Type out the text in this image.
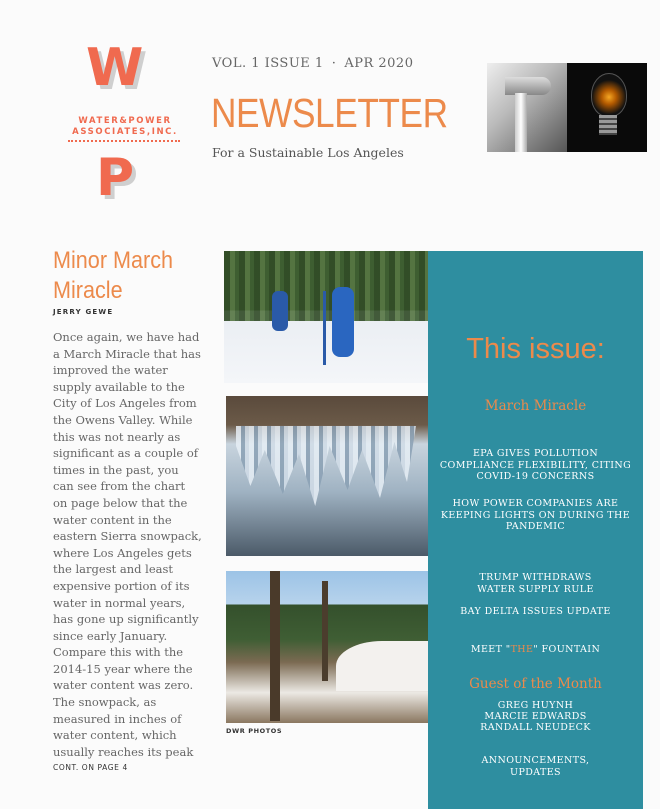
W
WATER&POWER ASSOCIATES,INC.
P
VOL. 1 ISSUE 1 · APR 2020
NEWSLETTER
For a Sustainable Los Angeles
Minor March Miracle
JERRY GEWE
Once again, we have had a March Miracle that has improved the water supply available to the City of Los Angeles from the Owens Valley. While this was not nearly as significant as a couple of times in the past, you can see from the chart on page below that the water content in the eastern Sierra snowpack, where Los Angeles gets the largest and least expensive portion of its water in normal years, has gone up significantly since early January. Compare this with the 2014-15 year where the water content was zero. The snowpack, as measured in inches of water content, which usually reaches its peak
CONT. ON PAGE 4
DWR PHOTOS
This issue:
March Miracle
EPA GIVES POLLUTION COMPLIANCE FLEXIBILITY, CITING COVID-19 CONCERNS
HOW POWER COMPANIES ARE KEEPING LIGHTS ON DURING THE PANDEMIC
TRUMP WITHDRAWS WATER SUPPLY RULE
BAY DELTA ISSUES UPDATE
MEET "THE" FOUNTAIN
Guest of the Month
GREG HUYNH
MARCIE EDWARDS
RANDALL NEUDECK
ANNOUNCEMENTS, UPDATES
